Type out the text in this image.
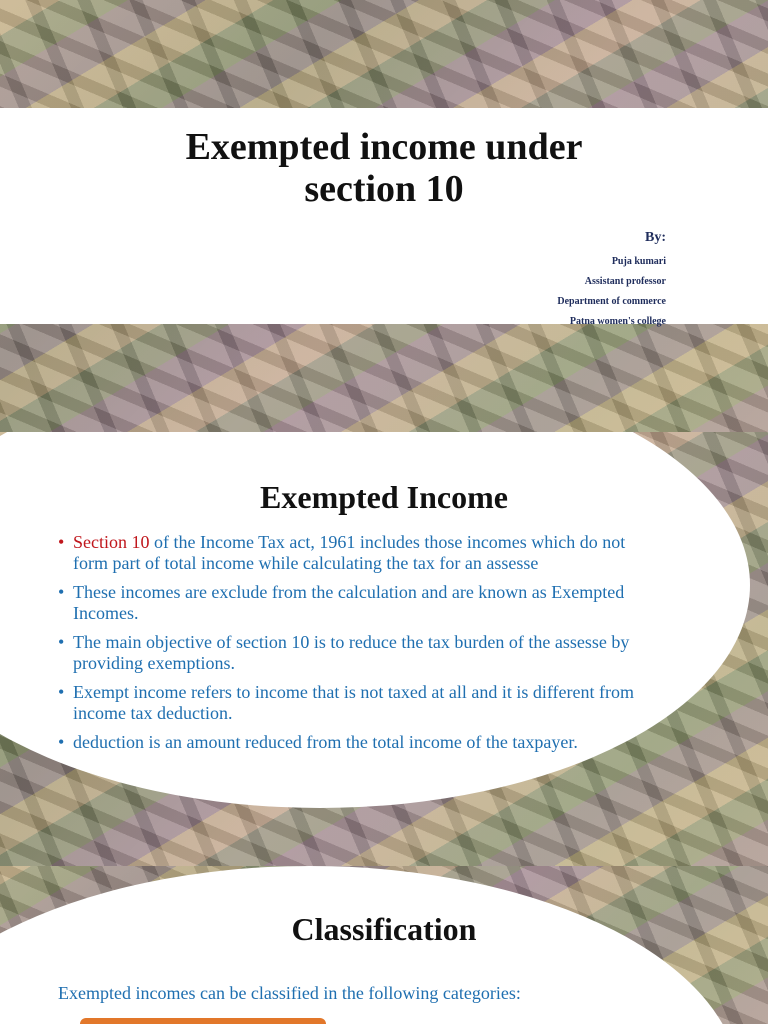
Exempted income under
section 10
By:
Puja kumari
Assistant professor
Department of commerce
Patna women's college
Exempted Income
• Section 10 of the Income Tax act, 1961 includes those incomes which do not form part of total income while calculating the tax for an assesse
• These incomes are exclude from the calculation and are known as Exempted Incomes.
• The main objective of section 10 is to reduce the tax burden of the assesse by providing exemptions.
• Exempt income refers to income that is not taxed at all and it is different from income tax deduction.
• deduction is an amount reduced from the total income of the taxpayer.
Classification
Exempted incomes can be classified in the following categories:
